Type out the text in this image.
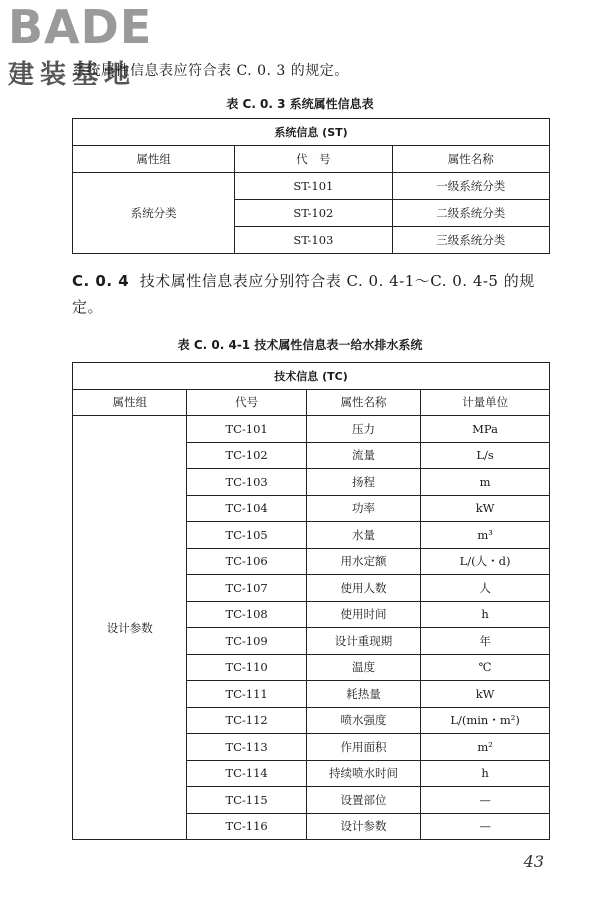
BADE
建装基地
系统属性信息表应符合表 C. 0. 3 的规定。
表 C. 0. 3 系统属性信息表
系统信息 (ST)		
属性组	代　号	属性名称
系统分类	ST-101	一级系统分类
	ST-102	二级系统分类
	ST-103	三级系统分类
C. 0. 4 技术属性信息表应分别符合表 C. 0. 4-1～C. 0. 4-5 的规定。
表 C. 0. 4-1 技术属性信息表一给水排水系统
技术信息 (TC)			
属性组	代号	属性名称	计量单位
设计参数	TC-101	压力	MPa
	TC-102	流量	L/s
	TC-103	扬程	m
	TC-104	功率	kW
	TC-105	水量	m³
	TC-106	用水定额	L/(人・d)
	TC-107	使用人数	人
	TC-108	使用时间	h
	TC-109	设计重现期	年
	TC-110	温度	℃
	TC-111	耗热量	kW
	TC-112	喷水强度	L/(min・m²)
	TC-113	作用面积	m²
	TC-114	持续喷水时间	h
	TC-115	设置部位	—
	TC-116	设计参数	—
43
